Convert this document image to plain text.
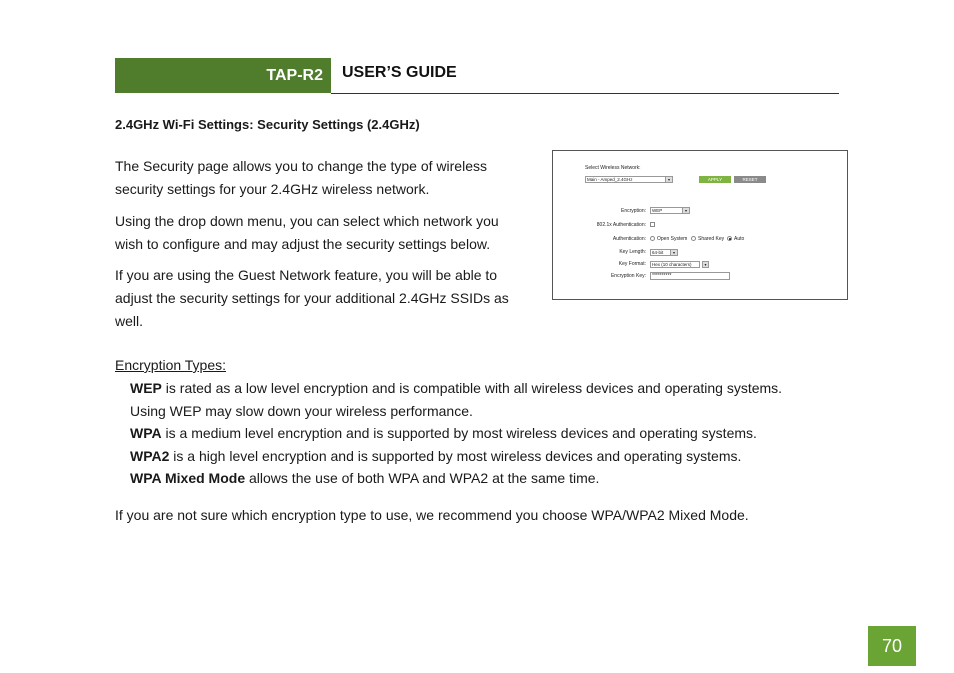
TAP-R2 USER’S GUIDE
2.4GHz Wi-Fi Settings: Security Settings (2.4GHz)

The Security page allows you to change the type of wireless security settings for your 2.4GHz wireless network.

Using the drop down menu, you can select which network you wish to configure and may adjust the security settings below.

If you are using the Guest Network feature, you will be able to adjust the security settings for your additional 2.4GHz SSIDs as well.

Select Wireless Network:
Main - Amped_2.4GHz	▾	APPLY	RESET
Encryption:	WEP	▾
802.1x Authentication:
Authentication: Open System Shared Key Auto
Key Length:	64-bit	▾
Key Format:	Hex (10 characters)	▾
Encryption Key:	**********
Encryption Types:
WEP is rated as a low level encryption and is compatible with all wireless devices and operating systems.
Using WEP may slow down your wireless performance.
WPA is a medium level encryption and is supported by most wireless devices and operating systems.
WPA2 is a high level encryption and is supported by most wireless devices and operating systems.
WPA Mixed Mode allows the use of both WPA and WPA2 at the same time.
If you are not sure which encryption type to use, we recommend you choose WPA/WPA2 Mixed Mode.
70
